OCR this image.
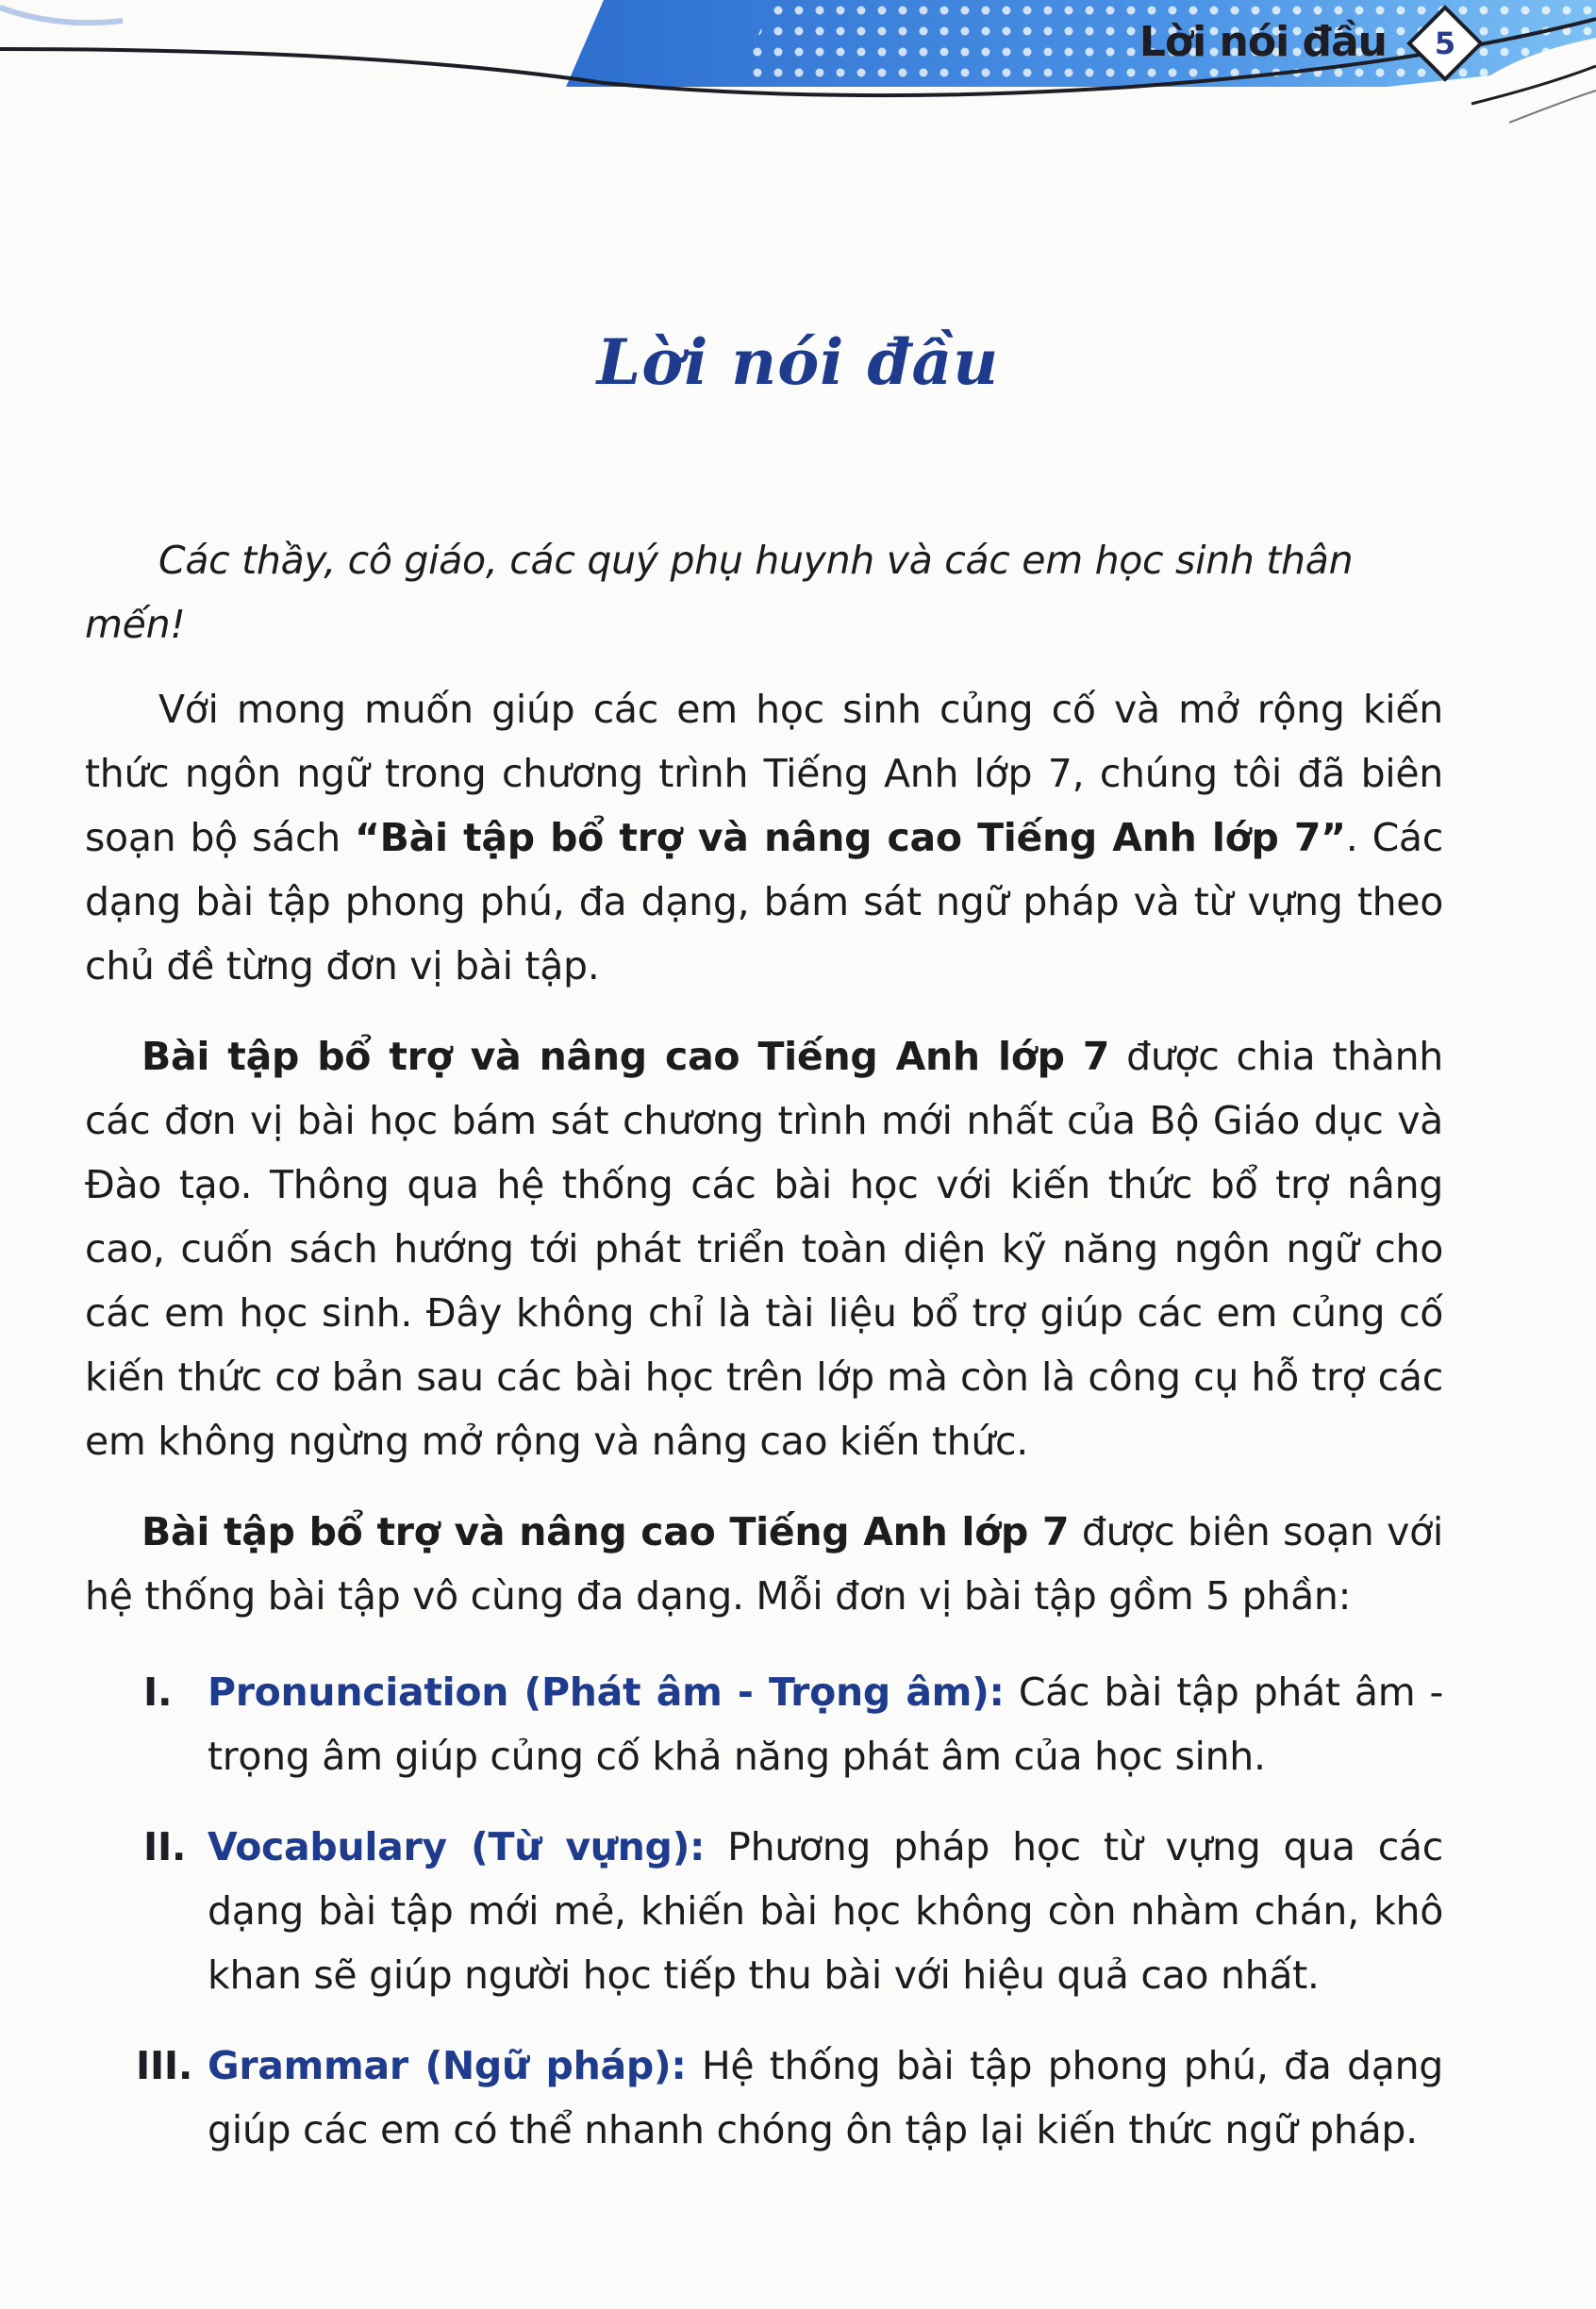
Lời nói đầu	5
Lời nói đầu

Các thầy, cô giáo, các quý phụ huynh và các em học sinh thân mến!

Với mong muốn giúp các em học sinh củng cố và mở rộng kiến thức ngôn ngữ trong chương trình Tiếng Anh lớp 7, chúng tôi đã biên soạn bộ sách “Bài tập bổ trợ và nâng cao Tiếng Anh lớp 7”. Các dạng bài tập phong phú, đa dạng, bám sát ngữ pháp và từ vựng theo chủ đề từng đơn vị bài tập.

Bài tập bổ trợ và nâng cao Tiếng Anh lớp 7 được chia thành các đơn vị bài học bám sát chương trình mới nhất của Bộ Giáo dục và Đào tạo. Thông qua hệ thống các bài học với kiến thức bổ trợ nâng cao, cuốn sách hướng tới phát triển toàn diện kỹ năng ngôn ngữ cho các em học sinh. Đây không chỉ là tài liệu bổ trợ giúp các em củng cố kiến thức cơ bản sau các bài học trên lớp mà còn là công cụ hỗ trợ các em không ngừng mở rộng và nâng cao kiến thức.

Bài tập bổ trợ và nâng cao Tiếng Anh lớp 7 được biên soạn với hệ thống bài tập vô cùng đa dạng. Mỗi đơn vị bài tập gồm 5 phần:

I. Pronunciation (Phát âm - Trọng âm): Các bài tập phát âm - trọng âm giúp củng cố khả năng phát âm của học sinh.
II. Vocabulary (Từ vựng): Phương pháp học từ vựng qua các dạng bài tập mới mẻ, khiến bài học không còn nhàm chán, khô khan sẽ giúp người học tiếp thu bài với hiệu quả cao nhất.
III. Grammar (Ngữ pháp): Hệ thống bài tập phong phú, đa dạng giúp các em có thể nhanh chóng ôn tập lại kiến thức ngữ pháp.
